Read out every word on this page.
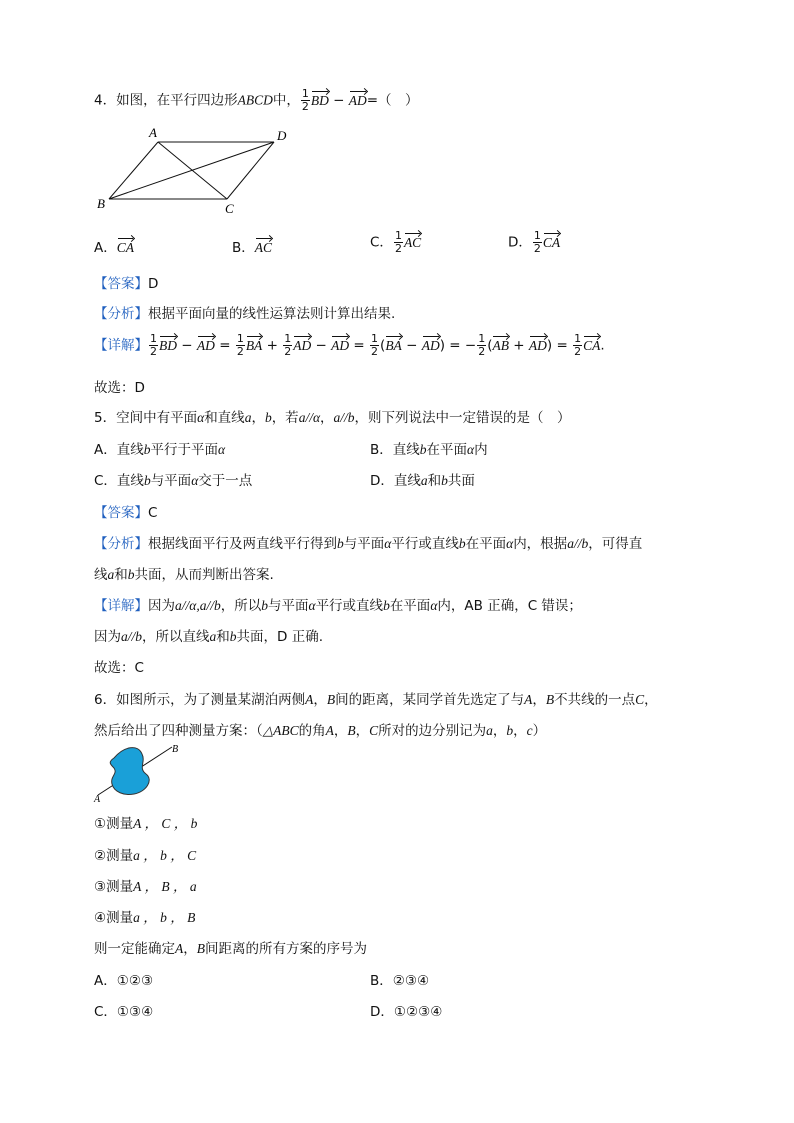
4．如图，在平行四边形ABCD中， $\frac{1}{2}$ BD − AD=（　）
A	D
B	C
A．CA	B．AC	C． $\frac{1}{2}$ AC	D． $\frac{1}{2}$ CA
【答案】D
【分析】根据平面向量的线性运算法则计算出结果.
【详解】 $\frac{1}{2}$ BD − AD = $\frac{1}{2}$ BA + $\frac{1}{2}$ AD − AD = $\frac{1}{2} (BA - AD)$ = − $\frac{1}{2} (AB + AD) = \frac{1}{2}$ CA.
故选：D
5．空间中有平面α和直线a，b，若a//α，a//b，则下列说法中一定错误的是（　）
A．直线b平行于平面α	B．直线b在平面α内
C．直线b与平面α交于一点	D．直线a和b共面
【答案】C
【分析】根据线面平行及两直线平行得到b与平面α平行或直线b在平面α内，根据a//b，可得直
线a和b共面，从而判断出答案.
【详解】因为a//α,a//b，所以b与平面α平行或直线b在平面α内，AB 正确，C 错误；
因为a//b，所以直线a和b共面，D 正确.
故选：C
6．如图所示，为了测量某湖泊两侧A，B间的距离，某同学首先选定了与A，B不共线的一点C，
然后给出了四种测量方案：（△ABC的角A，B，C所对的边分别记为a，b，c）
A
B
①测量A ， C ， b
②测量a ， b ， C
③测量A ， B ， a
④测量a ， b ， B
则一定能确定A，B间距离的所有方案的序号为
A．①②③	B．②③④
C．①③④	D．①②③④
